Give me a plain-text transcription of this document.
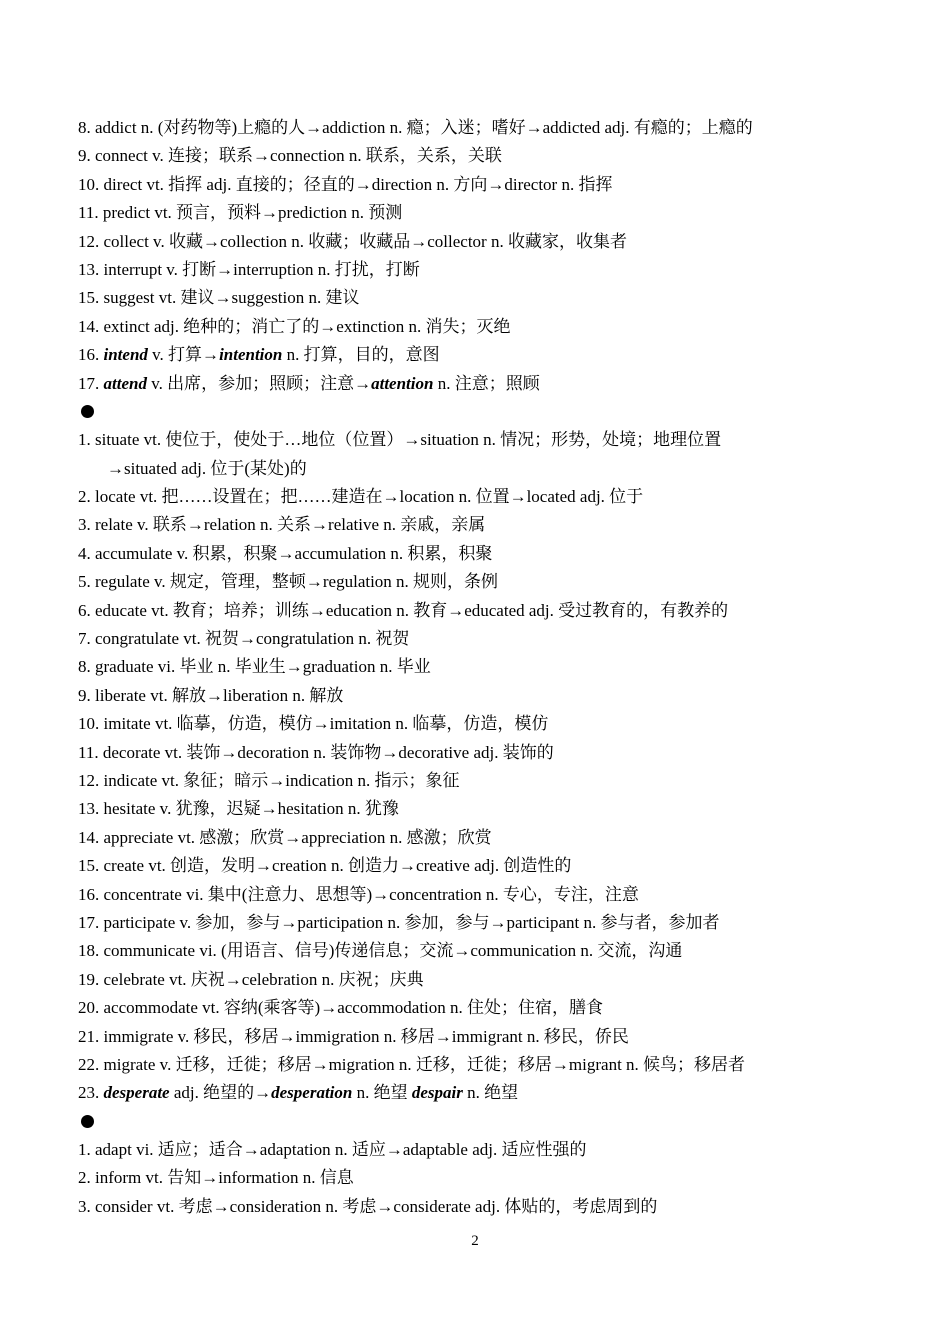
8. addict n. (对药物等)上瘾的人→addiction n. 瘾；入迷；嗜好→addicted adj. 有瘾的；上瘾的
9. connect v. 连接；联系→connection n. 联系，关系，关联
10. direct vt. 指挥 adj. 直接的；径直的→direction n. 方向→director n. 指挥
11. predict vt. 预言，预料→prediction n. 预测
12. collect v. 收藏→collection n. 收藏；收藏品→collector n. 收藏家，收集者
13. interrupt v. 打断→interruption n. 打扰，打断
15. suggest vt. 建议→suggestion n. 建议
14. extinct adj. 绝种的；消亡了的→extinction n. 消失；灭绝
16. intend v. 打算→intention n. 打算，目的，意图
17. attend v. 出席，参加；照顾；注意→attention n. 注意；照顾
1. situate vt. 使位于，使处于…地位（位置）→situation n. 情况；形势，处境；地理位置
→situated adj. 位于(某处)的
2. locate vt. 把……设置在；把……建造在→location n. 位置→located adj. 位于
3. relate v. 联系→relation n. 关系→relative n. 亲戚，亲属
4. accumulate v. 积累，积聚→accumulation n. 积累，积聚
5. regulate v. 规定，管理，整顿→regulation n. 规则，条例
6. educate vt. 教育；培养；训练→education n. 教育→educated adj. 受过教育的，有教养的
7. congratulate vt. 祝贺→congratulation n. 祝贺
8. graduate vi. 毕业 n. 毕业生→graduation n. 毕业
9. liberate vt. 解放→liberation n. 解放
10. imitate vt. 临摹，仿造，模仿→imitation n. 临摹，仿造，模仿
11. decorate vt. 装饰→decoration n. 装饰物→decorative adj. 装饰的
12. indicate vt. 象征；暗示→indication n. 指示；象征
13. hesitate v. 犹豫，迟疑→hesitation n. 犹豫
14. appreciate vt. 感激；欣赏→appreciation n. 感激；欣赏
15. create vt. 创造，发明→creation n. 创造力→creative adj. 创造性的
16. concentrate vi. 集中(注意力、思想等)→concentration n. 专心，专注，注意
17. participate v. 参加，参与→participation n. 参加，参与→participant n. 参与者，参加者
18. communicate vi. (用语言、信号)传递信息；交流→communication n. 交流，沟通
19. celebrate vt. 庆祝→celebration n. 庆祝；庆典
20. accommodate vt. 容纳(乘客等)→accommodation n. 住处；住宿，膳食
21. immigrate v. 移民，移居→immigration n. 移居→immigrant n. 移民，侨民
22. migrate v. 迁移，迁徙；移居→migration n. 迁移，迁徙；移居→migrant n. 候鸟；移居者
23. desperate adj. 绝望的→desperation n. 绝望 despair n. 绝望
1. adapt vi. 适应；适合→adaptation n. 适应→adaptable adj. 适应性强的
2. inform vt. 告知→information n. 信息
3. consider vt. 考虑→consideration n. 考虑→considerate adj. 体贴的，考虑周到的
2
